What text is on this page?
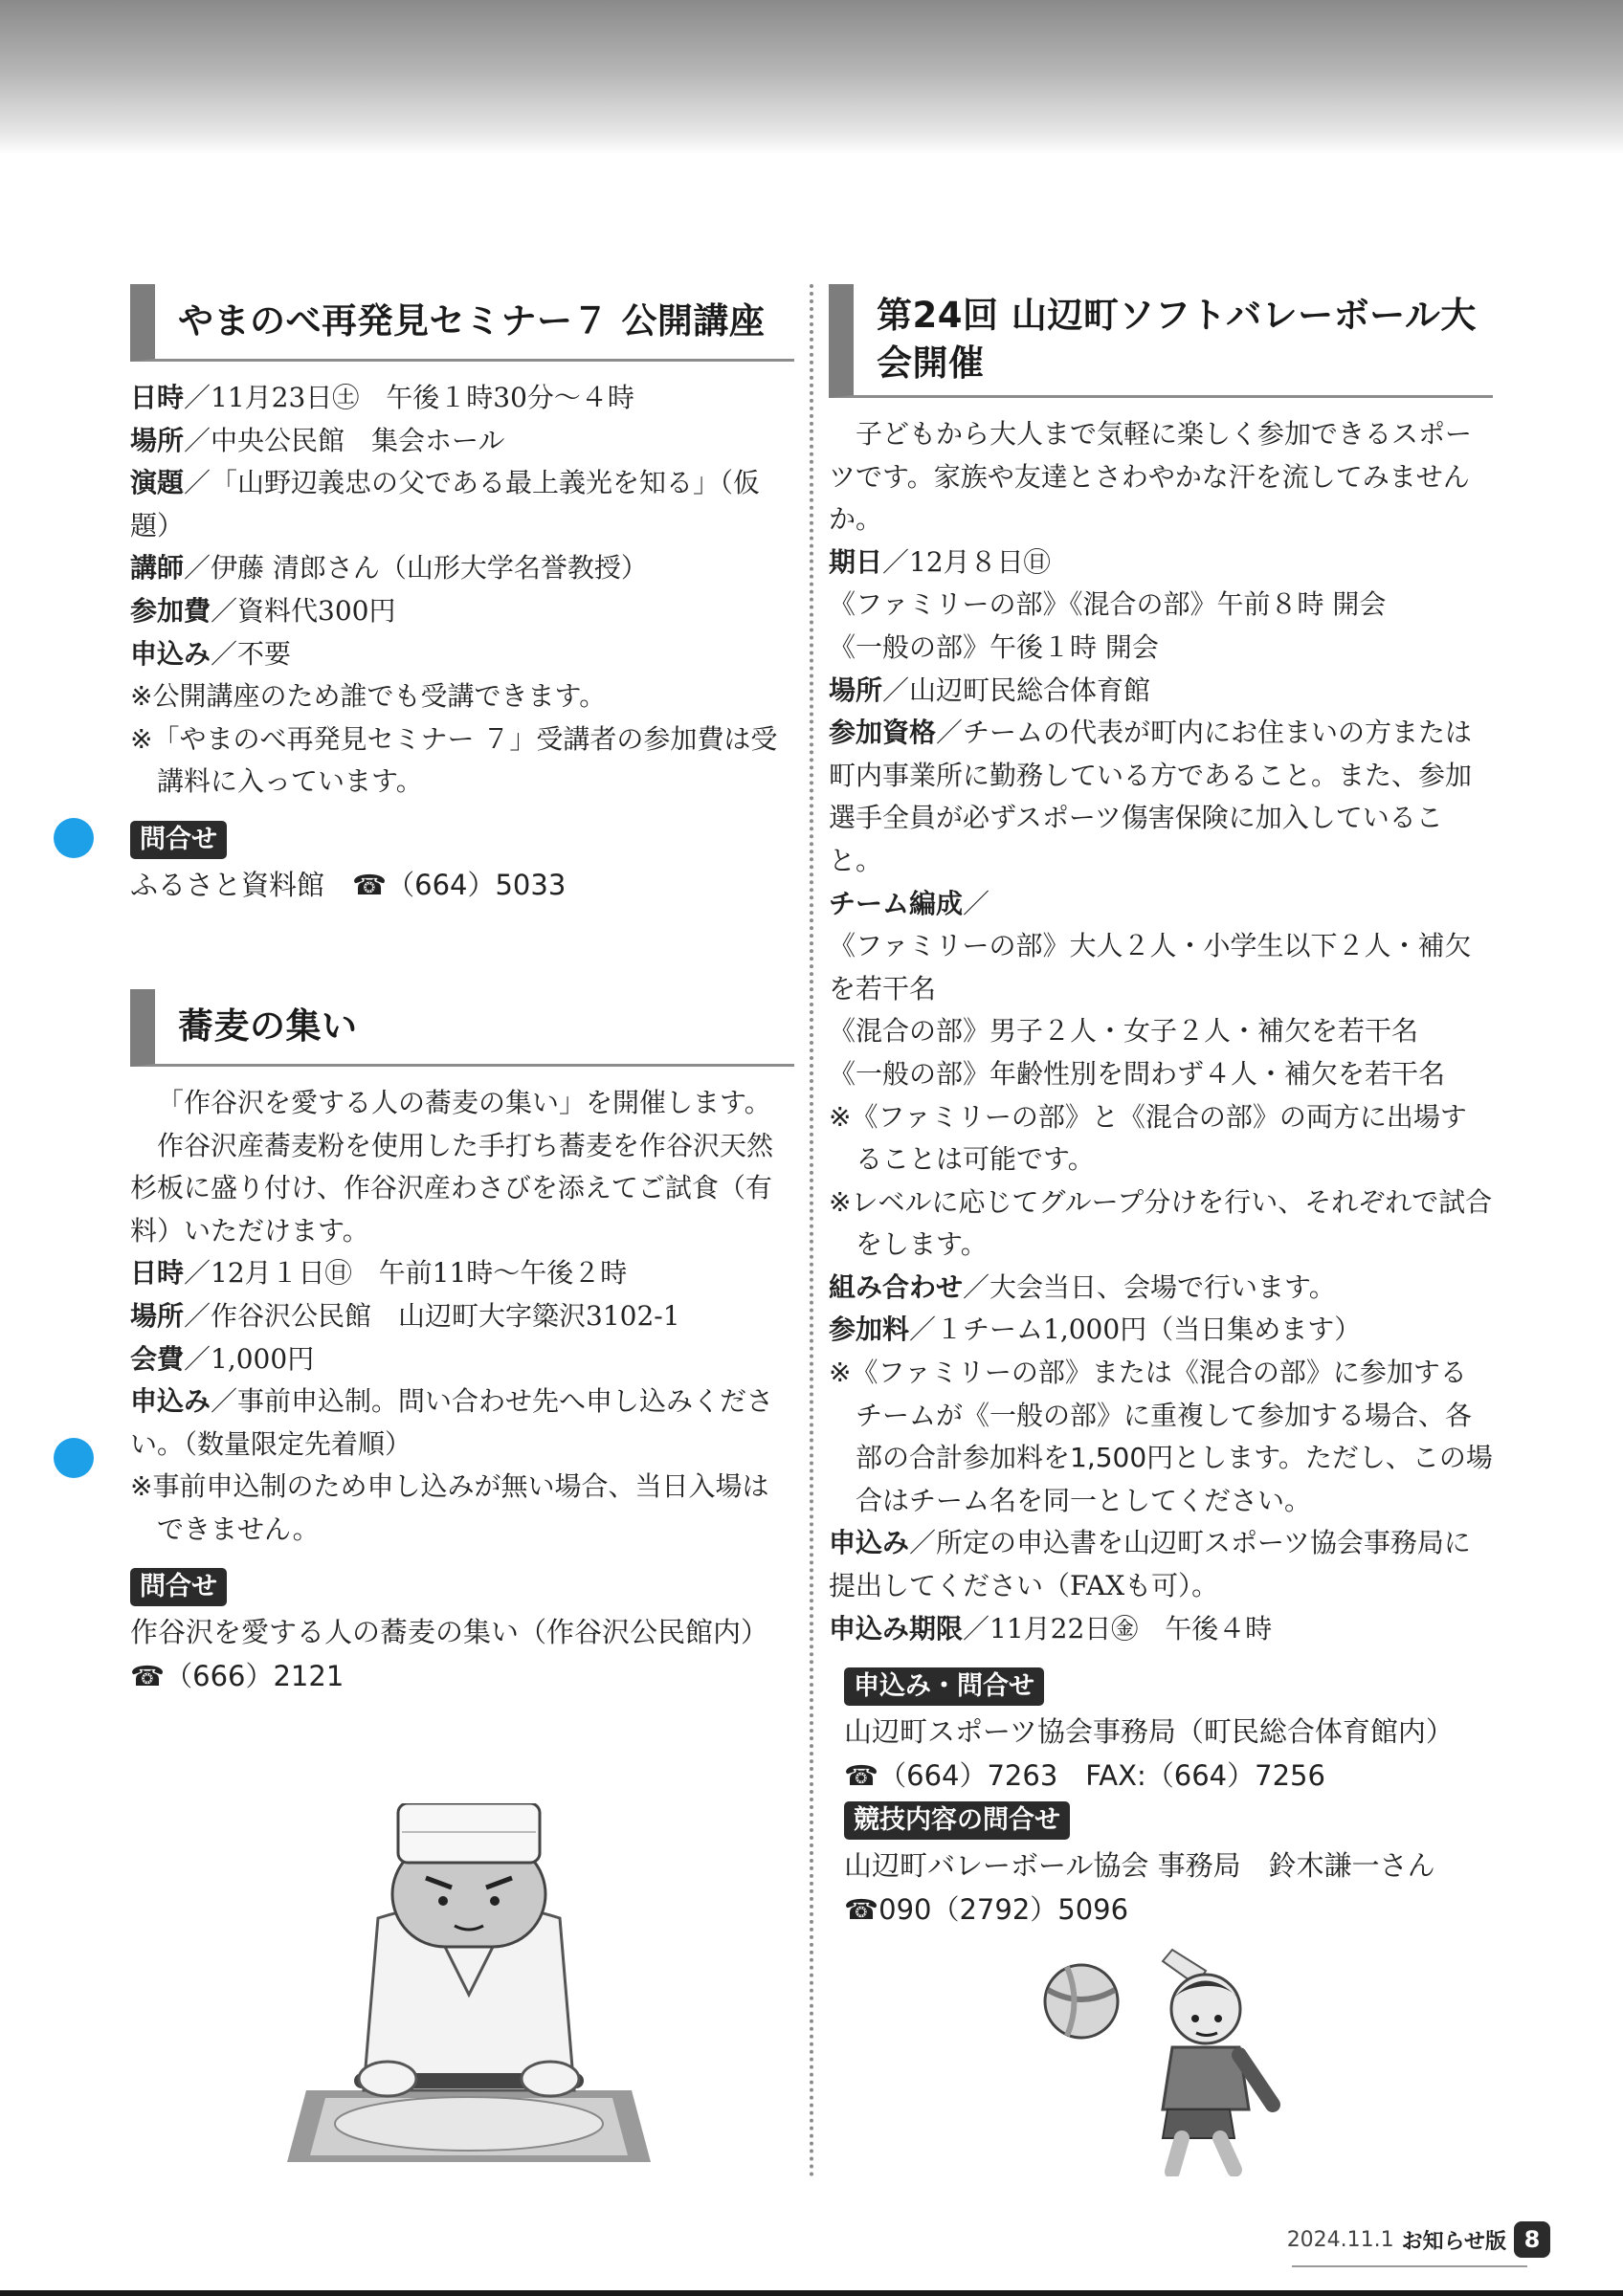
やまのべ再発見セミナー７ 公開講座
日時／11月23日㊏　午後１時30分～４時
場所／中央公民館　集会ホール
演題／「山野辺義忠の父である最上義光を知る」（仮題）
講師／伊藤 清郎さん（山形大学名誉教授）
参加費／資料代300円
申込み／不要
※公開講座のため誰でも受講できます。
※「やまのべ再発見セミナー ７」受講者の参加費は受講料に入っています。
問合せ
ふるさと資料館　☎（664）5033
蕎麦の集い
「作谷沢を愛する人の蕎麦の集い」を開催します。
作谷沢産蕎麦粉を使用した手打ち蕎麦を作谷沢天然杉板に盛り付け、作谷沢産わさびを添えてご試食（有料）いただけます。
日時／12月１日㊐　午前11時～午後２時
場所／作谷沢公民館　山辺町大字簗沢3102-1
会費／1,000円
申込み／事前申込制。問い合わせ先へ申し込みください。（数量限定先着順）
※事前申込制のため申し込みが無い場合、当日入場はできません。
問合せ
作谷沢を愛する人の蕎麦の集い（作谷沢公民館内）
☎（666）2121
第24回 山辺町ソフトバレーボール大会開催
子どもから大人まで気軽に楽しく参加できるスポーツです。家族や友達とさわやかな汗を流してみませんか。
期日／12月８日㊐
《ファミリーの部》《混合の部》午前８時 開会
《一般の部》午後１時 開会
場所／山辺町民総合体育館
参加資格／チームの代表が町内にお住まいの方または町内事業所に勤務している方であること。また、参加選手全員が必ずスポーツ傷害保険に加入していること。
チーム編成／
《ファミリーの部》大人２人・小学生以下２人・補欠を若干名
《混合の部》男子２人・女子２人・補欠を若干名
《一般の部》年齢性別を問わず４人・補欠を若干名
※《ファミリーの部》と《混合の部》の両方に出場することは可能です。
※レベルに応じてグループ分けを行い、それぞれで試合をします。
組み合わせ／大会当日、会場で行います。
参加料／１チーム1,000円（当日集めます）
※《ファミリーの部》または《混合の部》に参加するチームが《一般の部》に重複して参加する場合、各部の合計参加料を1,500円とします。ただし、この場合はチーム名を同一としてください。
申込み／所定の申込書を山辺町スポーツ協会事務局に提出してください（FAXも可）。
申込み期限／11月22日㊎　午後４時
申込み・問合せ
山辺町スポーツ協会事務局（町民総合体育館内）
☎（664）7263　FAX:（664）7256
競技内容の問合せ
山辺町バレーボール協会 事務局　鈴木謙一さん
☎090（2792）5096
2024.11.1 お知らせ版 8
